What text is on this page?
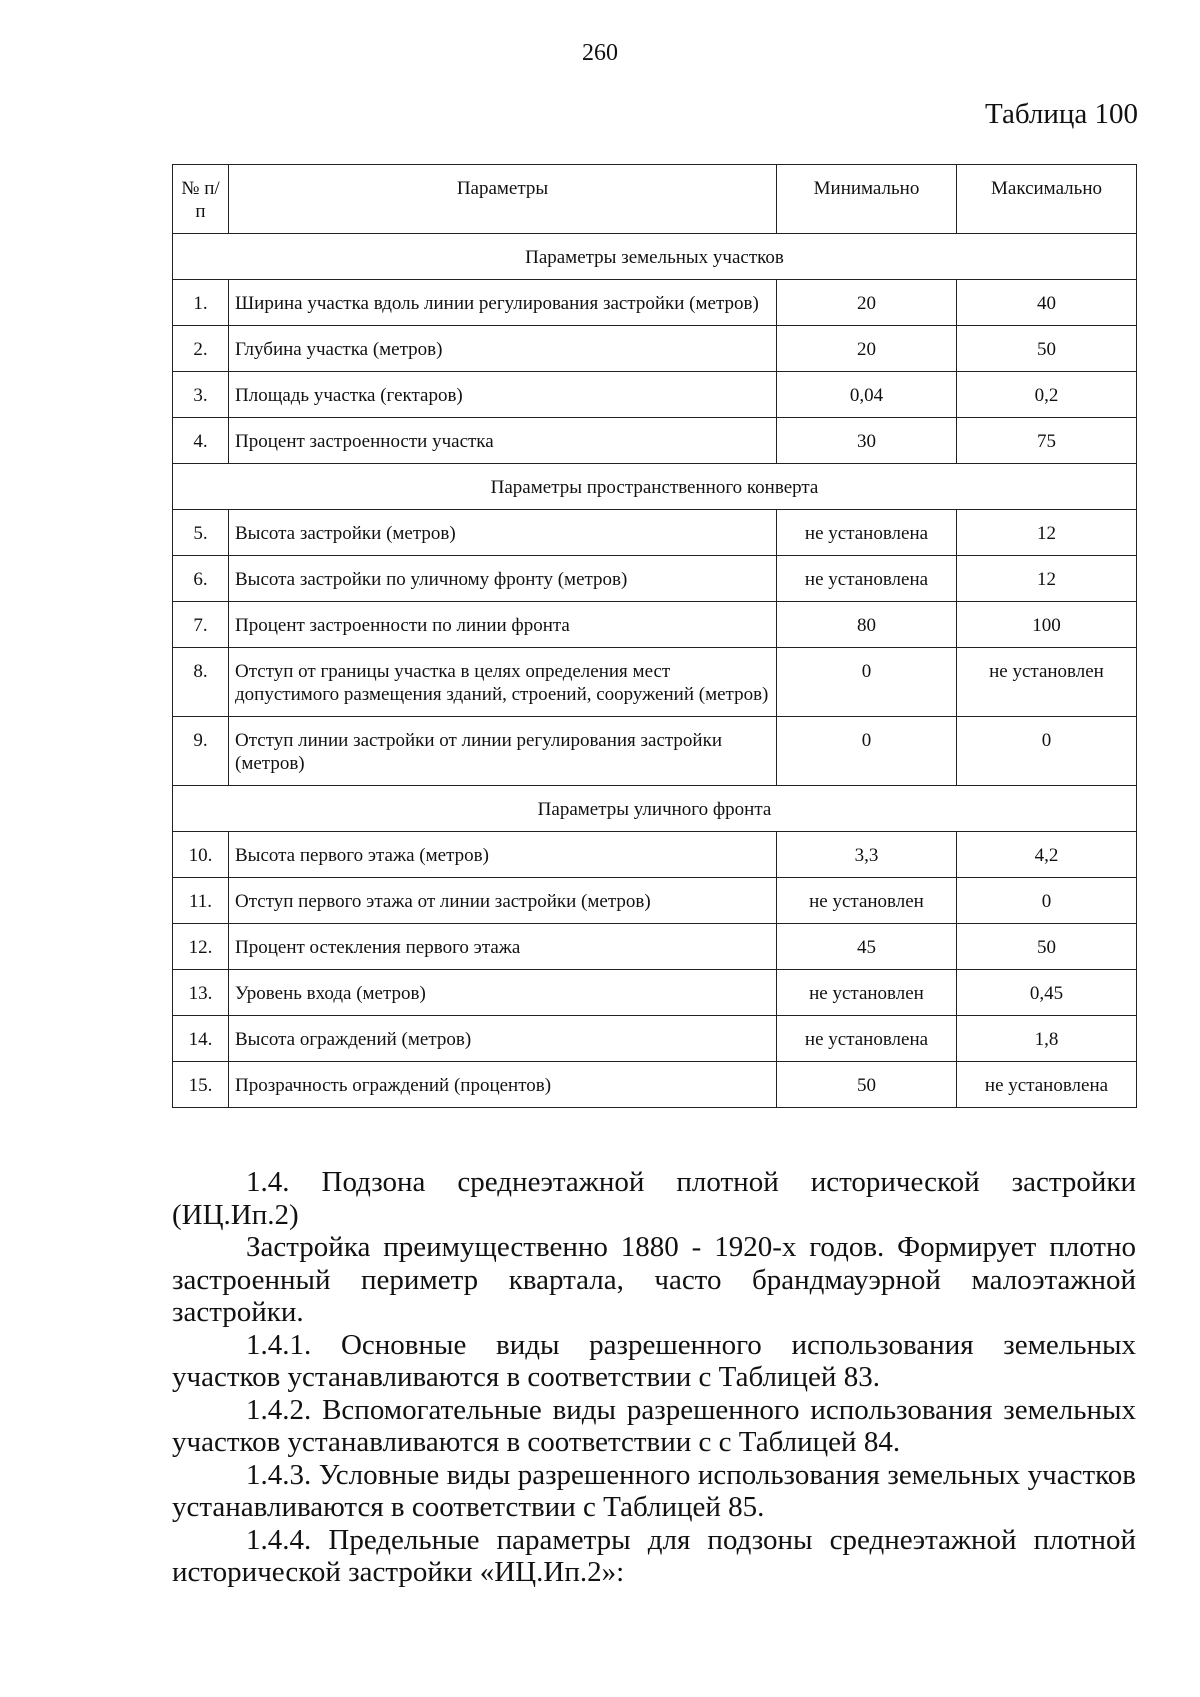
260
Таблица 100
№ п/п	Параметры	Минимально	Максимально
Параметры земельных участков			
1.	Ширина участка вдоль линии регулирования застройки (метров)	20	40
2.	Глубина участка (метров)	20	50
3.	Площадь участка (гектаров)	0,04	0,2
4.	Процент застроенности участка	30	75
Параметры пространственного конверта			
5.	Высота застройки (метров)	не установлена	12
6.	Высота застройки по уличному фронту (метров)	не установлена	12
7.	Процент застроенности по линии фронта	80	100
8.	Отступ от границы участка в целях определения мест допустимого размещения зданий, строений, сооружений (метров)	0	не установлен
9.	Отступ линии застройки от линии регулирования застройки (метров)	0	0
Параметры уличного фронта			
10.	Высота первого этажа (метров)	3,3	4,2
11.	Отступ первого этажа от линии застройки (метров)	не установлен	0
12.	Процент остекления первого этажа	45	50
13.	Уровень входа (метров)	не установлен	0,45
14.	Высота ограждений (метров)	не установлена	1,8
15.	Прозрачность ограждений (процентов)	50	не установлена

1.4. Подзона среднеэтажной плотной исторической застройки (ИЦ.Ип.2)

Застройка преимущественно 1880 - 1920-х годов. Формирует плотно застроенный периметр квартала, часто брандмауэрной малоэтажной застройки.

1.4.1. Основные виды разрешенного использования земельных участков устанавливаются в соответствии с Таблицей 83.

1.4.2. Вспомогательные виды разрешенного использования земельных участков устанавливаются в соответствии с с Таблицей 84.

1.4.3. Условные виды разрешенного использования земельных участков устанавливаются в соответствии с Таблицей 85.

1.4.4. Предельные параметры для подзоны среднеэтажной плотной исторической застройки «ИЦ.Ип.2»:
